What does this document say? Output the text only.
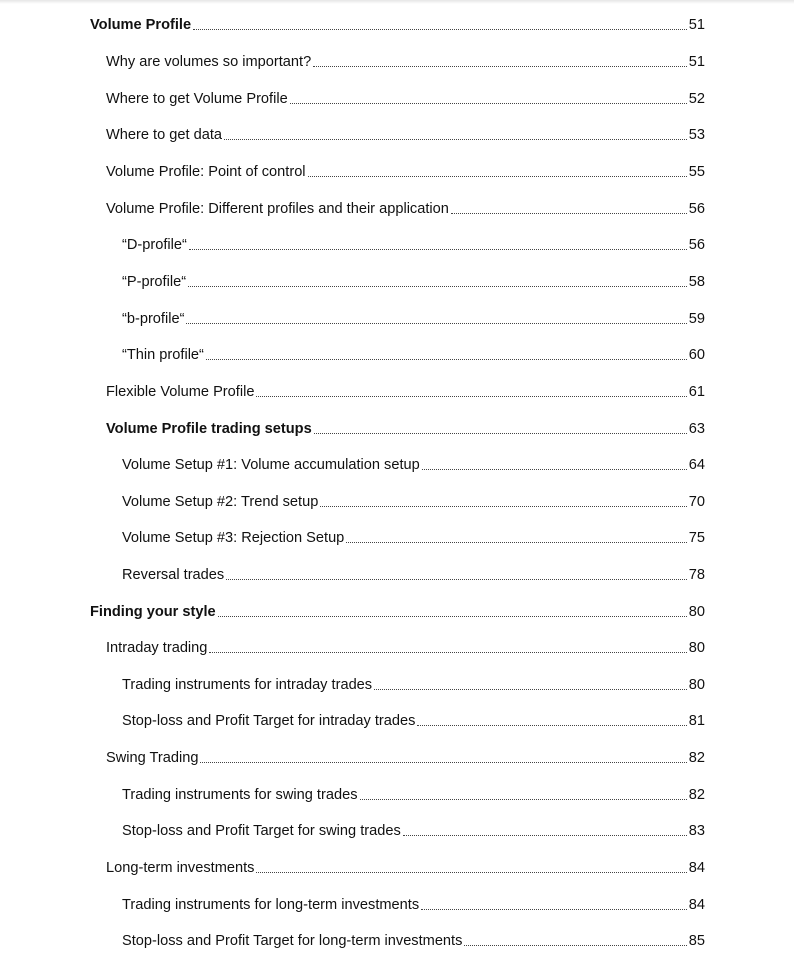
Volume Profile	51
Why are volumes so important?	51
Where to get Volume Profile	52
Where to get data	53
Volume Profile: Point of control	55
Volume Profile: Different profiles and their application	56
“D-profile“	56
“P-profile“	58
“b-profile“	59
“Thin profile“	60
Flexible Volume Profile	61
Volume Profile trading setups	63
Volume Setup #1: Volume accumulation setup	64
Volume Setup #2: Trend setup	70
Volume Setup #3: Rejection Setup	75
Reversal trades	78
Finding your style	80
Intraday trading	80
Trading instruments for intraday trades	80
Stop-loss and Profit Target for intraday trades	81
Swing Trading	82
Trading instruments for swing trades	82
Stop-loss and Profit Target for swing trades	83
Long-term investments	84
Trading instruments for long-term investments	84
Stop-loss and Profit Target for long-term investments	85
